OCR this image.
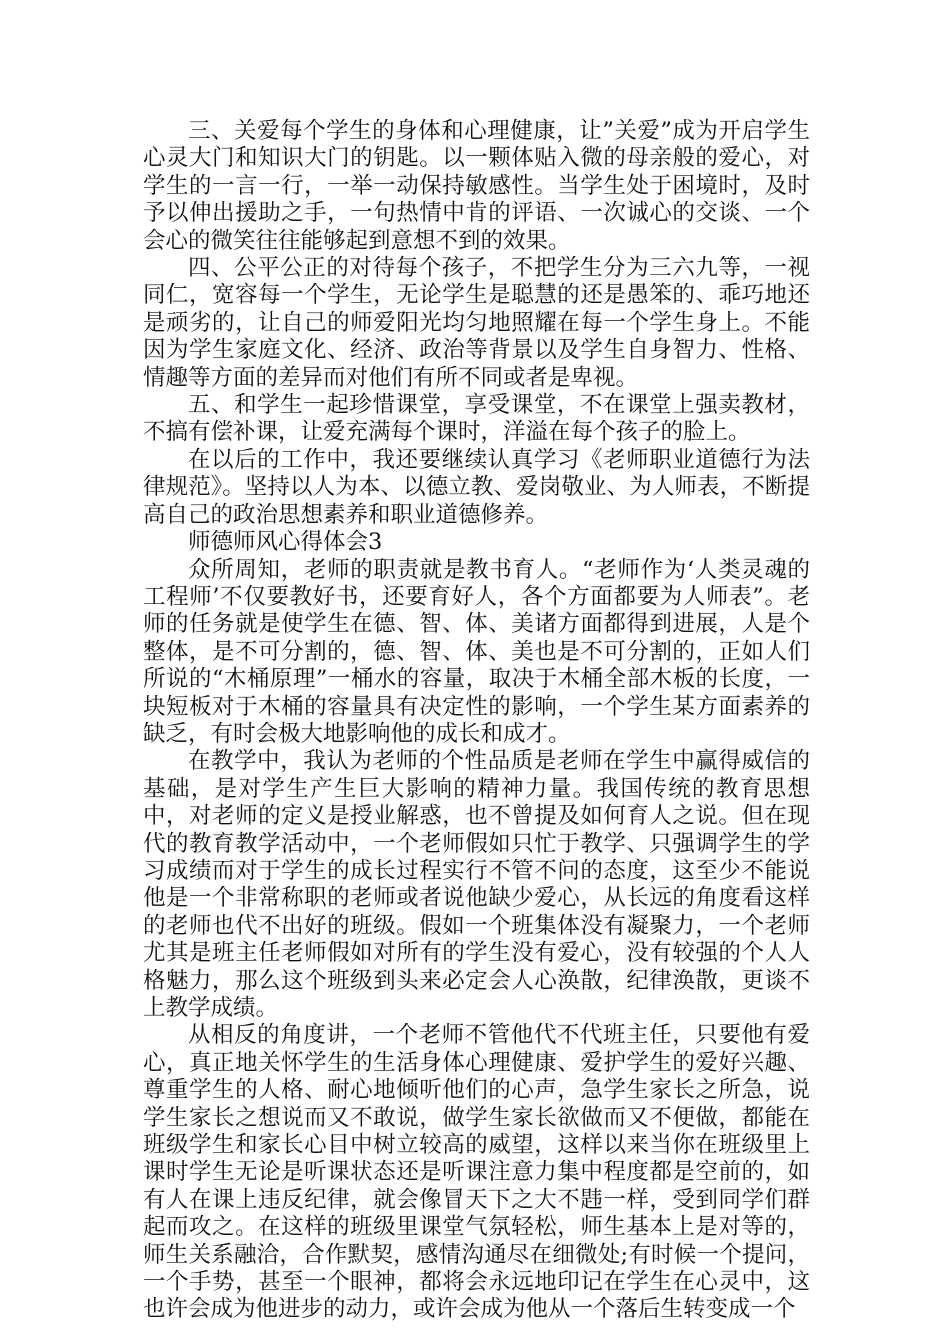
三、关爱每个学生的身体和心理健康，让”关爱”成为开启学生心灵大门和知识大门的钥匙。以一颗体贴入微的母亲般的爱心，对学生的一言一行，一举一动保持敏感性。当学生处于困境时，及时予以伸出援助之手，一句热情中肯的评语、一次诚心的交谈、一个会心的微笑往往能够起到意想不到的效果。

四、公平公正的对待每个孩子，不把学生分为三六九等，一视同仁，宽容每一个学生，无论学生是聪慧的还是愚笨的、乖巧地还是顽劣的，让自己的师爱阳光均匀地照耀在每一个学生身上。不能因为学生家庭文化、经济、政治等背景以及学生自身智力、性格、情趣等方面的差异而对他们有所不同或者是卑视。

五、和学生一起珍惜课堂，享受课堂，不在课堂上强卖教材，不搞有偿补课，让爱充满每个课时，洋溢在每个孩子的脸上。

在以后的工作中，我还要继续认真学习《老师职业道德行为法律规范》。坚持以人为本、以德立教、爱岗敬业、为人师表，不断提高自己的政治思想素养和职业道德修养。

师德师风心得体会3

众所周知，老师的职责就是教书育人。“老师作为‘人类灵魂的工程师’不仅要教好书，还要育好人，各个方面都要为人师表”。老师的任务就是使学生在德、智、体、美诸方面都得到进展，人是个整体，是不可分割的，德、智、体、美也是不可分割的，正如人们所说的“木桶原理”一桶水的容量，取决于木桶全部木板的长度，一块短板对于木桶的容量具有决定性的影响，一个学生某方面素养的缺乏，有时会极大地影响他的成长和成才。

在教学中，我认为老师的个性品质是老师在学生中赢得威信的基础，是对学生产生巨大影响的精神力量。我国传统的教育思想中，对老师的定义是授业解惑，也不曾提及如何育人之说。但在现代的教育教学活动中，一个老师假如只忙于教学、只强调学生的学习成绩而对于学生的成长过程实行不管不问的态度，这至少不能说他是一个非常称职的老师或者说他缺少爱心，从长远的角度看这样的老师也代不出好的班级。假如一个班集体没有凝聚力，一个老师尤其是班主任老师假如对所有的学生没有爱心，没有较强的个人人格魅力，那么这个班级到头来必定会人心涣散，纪律涣散，更谈不上教学成绩。

从相反的角度讲，一个老师不管他代不代班主任，只要他有爱心，真正地关怀学生的生活身体心理健康、爱护学生的爱好兴趣、尊重学生的人格、耐心地倾听他们的心声，急学生家长之所急，说学生家长之想说而又不敢说，做学生家长欲做而又不便做，都能在班级学生和家长心目中树立较高的威望，这样以来当你在班级里上课时学生无论是听课状态还是听课注意力集中程度都是空前的，如有人在课上违反纪律，就会像冒天下之大不韪一样，受到同学们群起而攻之。在这样的班级里课堂气氛轻松，师生基本上是对等的，师生关系融洽，合作默契，感情沟通尽在细微处;有时候一个提问，一个手势，甚至一个眼神，都将会永远地印记在学生在心灵中，这也许会成为他进步的动力，或许会成为他从一个落后生转变成一个
